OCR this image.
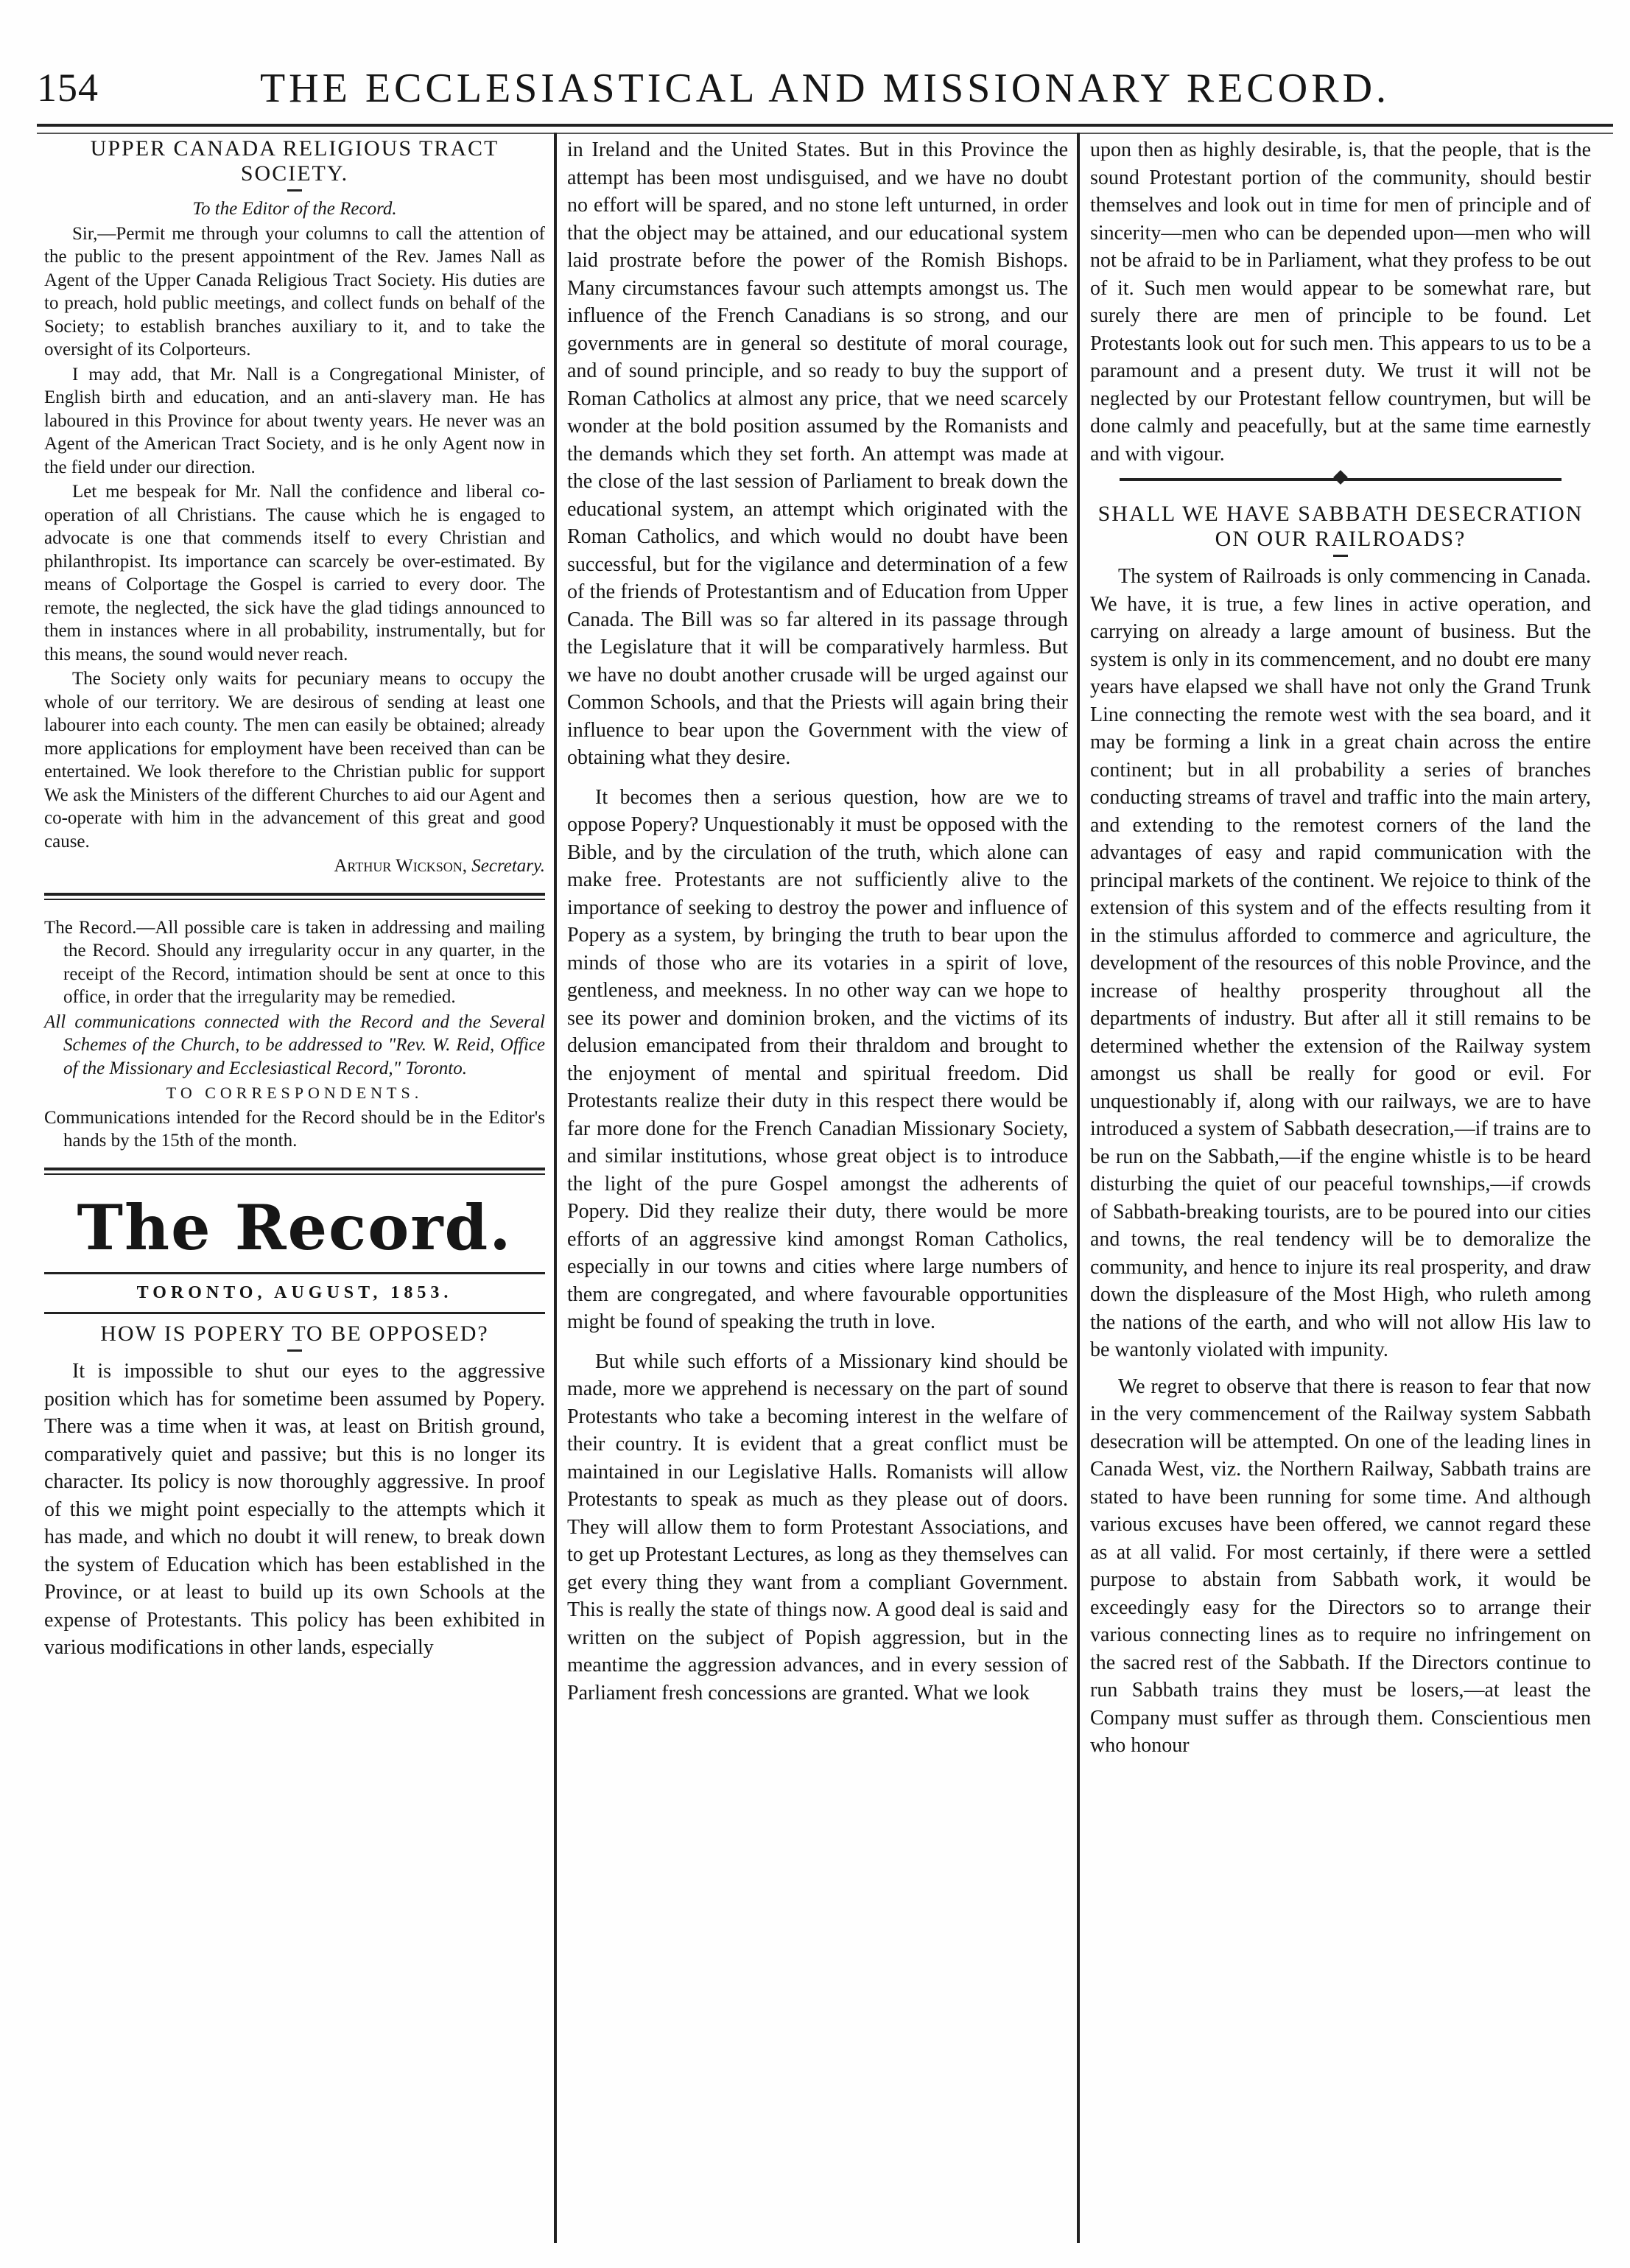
154	THE ECCLESIASTICAL AND MISSIONARY RECORD.

UPPER CANADA RELIGIOUS TRACT SOCIETY.

To the Editor of the Record.

Sir,—Permit me through your columns to call the attention of the public to the present appointment of the Rev. James Nall as Agent of the Upper Canada Religious Tract Society. His duties are to preach, hold public meetings, and collect funds on behalf of the Society; to establish branches auxiliary to it, and to take the oversight of its Colporteurs.

I may add, that Mr. Nall is a Congregational Minister, of English birth and education, and an anti-slavery man. He has laboured in this Province for about twenty years. He never was an Agent of the American Tract Society, and is he only Agent now in the field under our direction.

Let me bespeak for Mr. Nall the confidence and liberal co-operation of all Christians. The cause which he is engaged to advocate is one that commends itself to every Christian and philanthropist. Its importance can scarcely be over-estimated. By means of Colportage the Gospel is carried to every door. The remote, the neglected, the sick have the glad tidings announced to them in instances where in all probability, instrumentally, but for this means, the sound would never reach.

The Society only waits for pecuniary means to occupy the whole of our territory. We are desirous of sending at least one labourer into each county. The men can easily be obtained; already more applications for employment have been received than can be entertained. We look therefore to the Christian public for support We ask the Ministers of the different Churches to aid our Agent and co-operate with him in the advancement of this great and good cause.

Arthur Wickson, Secretary.

The Record.—All possible care is taken in addressing and mailing the Record. Should any irregularity occur in any quarter, in the receipt of the Record, intimation should be sent at once to this office, in order that the irregularity may be remedied.

All communications connected with the Record and the Several Schemes of the Church, to be addressed to "Rev. W. Reid, Office of the Missionary and Ecclesiastical Record," Toronto.

TO CORRESPONDENTS.

Communications intended for the Record should be in the Editor's hands by the 15th of the month.

The Record.

TORONTO, AUGUST, 1853.

HOW IS POPERY TO BE OPPOSED?

It is impossible to shut our eyes to the aggressive position which has for sometime been assumed by Popery. There was a time when it was, at least on British ground, comparatively quiet and passive; but this is no longer its character. Its policy is now thoroughly aggressive. In proof of this we might point especially to the attempts which it has made, and which no doubt it will renew, to break down the system of Education which has been established in the Province, or at least to build up its own Schools at the expense of Protestants. This policy has been exhibited in various modifications in other lands, especially

in Ireland and the United States. But in this Province the attempt has been most undisguised, and we have no doubt no effort will be spared, and no stone left unturned, in order that the object may be attained, and our educational system laid prostrate before the power of the Romish Bishops. Many circumstances favour such attempts amongst us. The influence of the French Canadians is so strong, and our governments are in general so destitute of moral courage, and of sound principle, and so ready to buy the support of Roman Catholics at almost any price, that we need scarcely wonder at the bold position assumed by the Romanists and the demands which they set forth. An attempt was made at the close of the last session of Parliament to break down the educational system, an attempt which originated with the Roman Catholics, and which would no doubt have been successful, but for the vigilance and determination of a few of the friends of Protestantism and of Education from Upper Canada. The Bill was so far altered in its passage through the Legislature that it will be comparatively harmless. But we have no doubt another crusade will be urged against our Common Schools, and that the Priests will again bring their influence to bear upon the Government with the view of obtaining what they desire.

It becomes then a serious question, how are we to oppose Popery? Unquestionably it must be opposed with the Bible, and by the circulation of the truth, which alone can make free. Protestants are not sufficiently alive to the importance of seeking to destroy the power and influence of Popery as a system, by bringing the truth to bear upon the minds of those who are its votaries in a spirit of love, gentleness, and meekness. In no other way can we hope to see its power and dominion broken, and the victims of its delusion emancipated from their thraldom and brought to the enjoyment of mental and spiritual freedom. Did Protestants realize their duty in this respect there would be far more done for the French Canadian Missionary Society, and similar institutions, whose great object is to introduce the light of the pure Gospel amongst the adherents of Popery. Did they realize their duty, there would be more efforts of an aggressive kind amongst Roman Catholics, especially in our towns and cities where large numbers of them are congregated, and where favourable opportunities might be found of speaking the truth in love.

But while such efforts of a Missionary kind should be made, more we apprehend is necessary on the part of sound Protestants who take a becoming interest in the welfare of their country. It is evident that a great conflict must be maintained in our Legislative Halls. Romanists will allow Protestants to speak as much as they please out of doors. They will allow them to form Protestant Associations, and to get up Protestant Lectures, as long as they themselves can get every thing they want from a compliant Government. This is really the state of things now. A good deal is said and written on the subject of Popish aggression, but in the meantime the aggression advances, and in every session of Parliament fresh concessions are granted. What we look

upon then as highly desirable, is, that the people, that is the sound Protestant portion of the community, should bestir themselves and look out in time for men of principle and of sincerity—men who can be depended upon—men who will not be afraid to be in Parliament, what they profess to be out of it. Such men would appear to be somewhat rare, but surely there are men of principle to be found. Let Protestants look out for such men. This appears to us to be a paramount and a present duty. We trust it will not be neglected by our Protestant fellow countrymen, but will be done calmly and peacefully, but at the same time earnestly and with vigour.

SHALL WE HAVE SABBATH DESECRATION ON OUR RAILROADS?

The system of Railroads is only commencing in Canada. We have, it is true, a few lines in active operation, and carrying on already a large amount of business. But the system is only in its commencement, and no doubt ere many years have elapsed we shall have not only the Grand Trunk Line connecting the remote west with the sea board, and it may be forming a link in a great chain across the entire continent; but in all probability a series of branches conducting streams of travel and traffic into the main artery, and extending to the remotest corners of the land the advantages of easy and rapid communication with the principal markets of the continent. We rejoice to think of the extension of this system and of the effects resulting from it in the stimulus afforded to commerce and agriculture, the development of the resources of this noble Province, and the increase of healthy prosperity throughout all the departments of industry. But after all it still remains to be determined whether the extension of the Railway system amongst us shall be really for good or evil. For unquestionably if, along with our railways, we are to have introduced a system of Sabbath desecration,—if trains are to be run on the Sabbath,—if the engine whistle is to be heard disturbing the quiet of our peaceful townships,—if crowds of Sabbath-breaking tourists, are to be poured into our cities and towns, the real tendency will be to demoralize the community, and hence to injure its real prosperity, and draw down the displeasure of the Most High, who ruleth among the nations of the earth, and who will not allow His law to be wantonly violated with impunity.

We regret to observe that there is reason to fear that now in the very commencement of the Railway system Sabbath desecration will be attempted. On one of the leading lines in Canada West, viz. the Northern Railway, Sabbath trains are stated to have been running for some time. And although various excuses have been offered, we cannot regard these as at all valid. For most certainly, if there were a settled purpose to abstain from Sabbath work, it would be exceedingly easy for the Directors so to arrange their various connecting lines as to require no infringement on the sacred rest of the Sabbath. If the Directors continue to run Sabbath trains they must be losers,—at least the Company must suffer as through them. Conscientious men who honour
